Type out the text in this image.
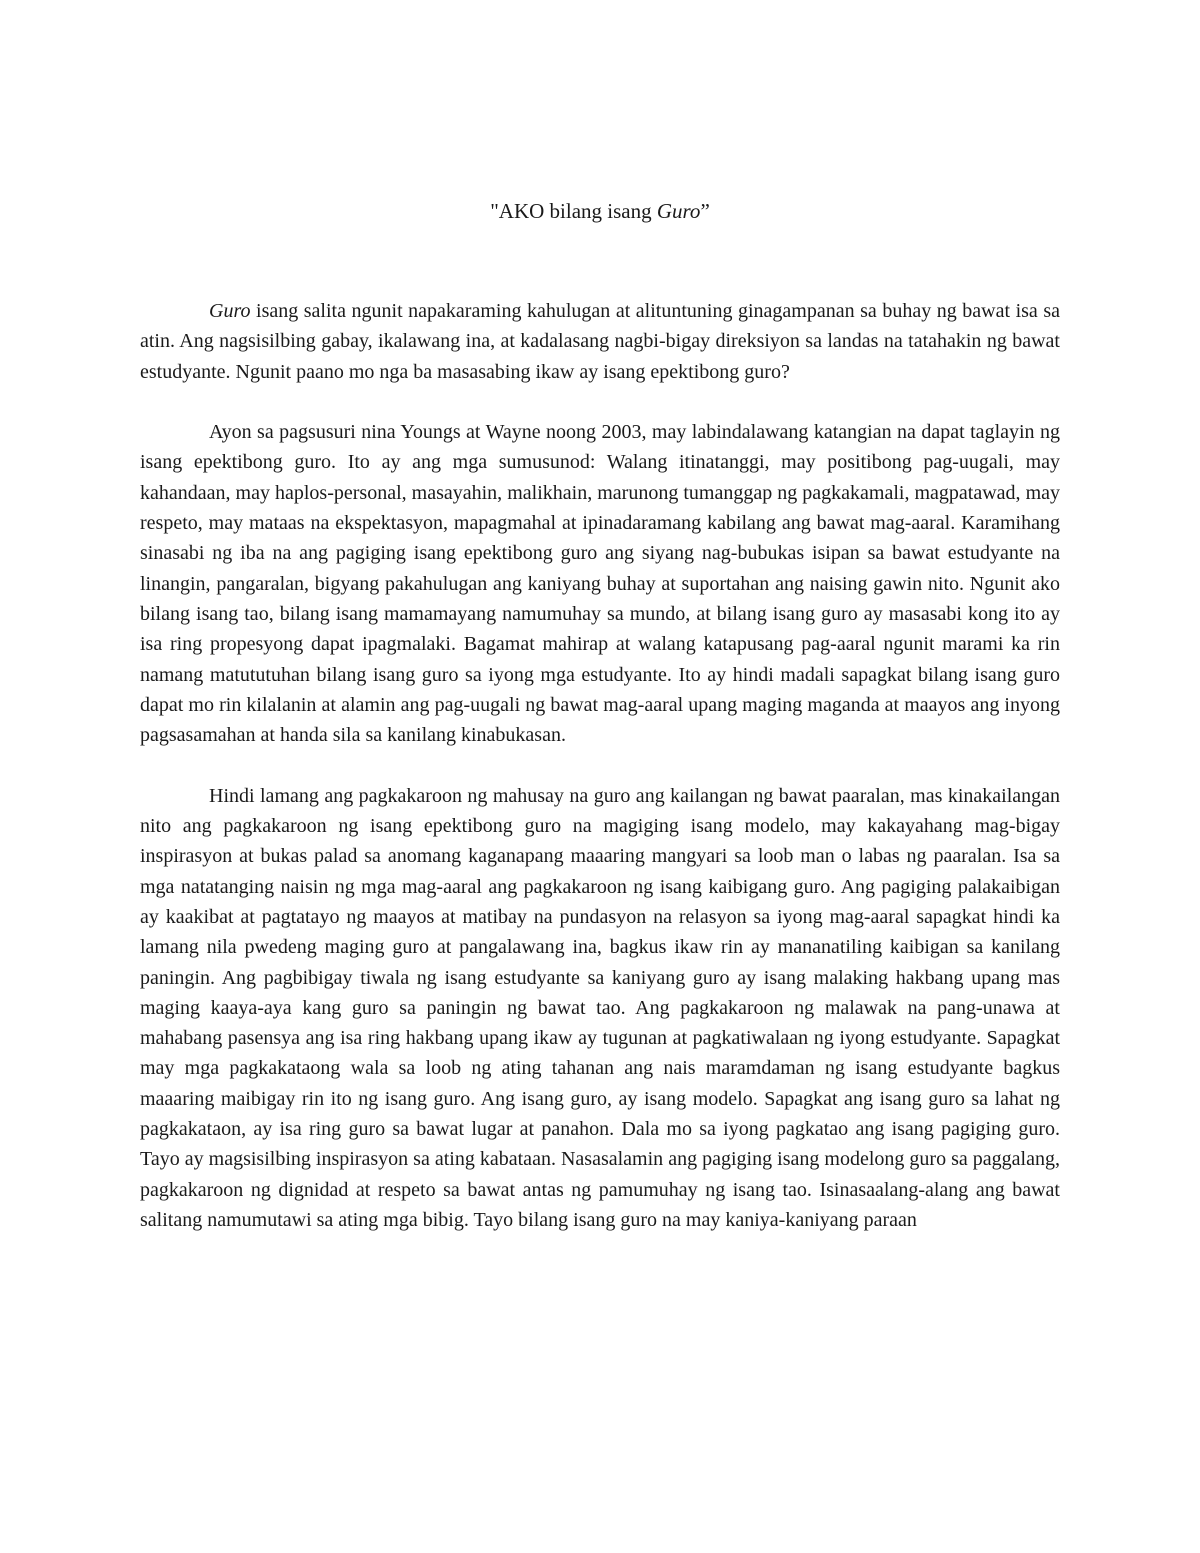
"AKO bilang isang Guro”

Guro isang salita ngunit napakaraming kahulugan at alituntuning ginagampanan sa buhay ng bawat isa sa atin. Ang nagsisilbing gabay, ikalawang ina, at kadalasang nagbi-bigay direksiyon sa landas na tatahakin ng bawat estudyante. Ngunit paano mo nga ba masasabing ikaw ay isang epektibong guro?

Ayon sa pagsusuri nina Youngs at Wayne noong 2003, may labindalawang katangian na dapat taglayin ng isang epektibong guro. Ito ay ang mga sumusunod: Walang itinatanggi, may positibong pag-uugali, may kahandaan, may haplos-personal, masayahin, malikhain, marunong tumanggap ng pagkakamali, magpatawad, may respeto, may mataas na ekspektasyon, mapagmahal at ipinadaramang kabilang ang bawat mag-aaral. Karamihang sinasabi ng iba na ang pagiging isang epektibong guro ang siyang nag-bubukas isipan sa bawat estudyante na linangin, pangaralan, bigyang pakahulugan ang kaniyang buhay at suportahan ang naising gawin nito. Ngunit ako bilang isang tao, bilang isang mamamayang namumuhay sa mundo, at bilang isang guro ay masasabi kong ito ay isa ring propesyong dapat ipagmalaki. Bagamat mahirap at walang katapusang pag-aaral ngunit marami ka rin namang matututuhan bilang isang guro sa iyong mga estudyante. Ito ay hindi madali sapagkat bilang isang guro dapat mo rin kilalanin at alamin ang pag-uugali ng bawat mag-aaral upang maging maganda at maayos ang inyong pagsasamahan at handa sila sa kanilang kinabukasan.

Hindi lamang ang pagkakaroon ng mahusay na guro ang kailangan ng bawat paaralan, mas kinakailangan nito ang pagkakaroon ng isang epektibong guro na magiging isang modelo, may kakayahang mag-bigay inspirasyon at bukas palad sa anomang kaganapang maaaring mangyari sa loob man o labas ng paaralan. Isa sa mga natatanging naisin ng mga mag-aaral ang pagkakaroon ng isang kaibigang guro. Ang pagiging palakaibigan ay kaakibat at pagtatayo ng maayos at matibay na pundasyon na relasyon sa iyong mag-aaral sapagkat hindi ka lamang nila pwedeng maging guro at pangalawang ina, bagkus ikaw rin ay mananatiling kaibigan sa kanilang paningin. Ang pagbibigay tiwala ng isang estudyante sa kaniyang guro ay isang malaking hakbang upang mas maging kaaya-aya kang guro sa paningin ng bawat tao. Ang pagkakaroon ng malawak na pang-unawa at mahabang pasensya ang isa ring hakbang upang ikaw ay tugunan at pagkatiwalaan ng iyong estudyante. Sapagkat may mga pagkakataong wala sa loob ng ating tahanan ang nais maramdaman ng isang estudyante bagkus maaaring maibigay rin ito ng isang guro. Ang isang guro, ay isang modelo. Sapagkat ang isang guro sa lahat ng pagkakataon, ay isa ring guro sa bawat lugar at panahon. Dala mo sa iyong pagkatao ang isang pagiging guro. Tayo ay magsisilbing inspirasyon sa ating kabataan. Nasasalamin ang pagiging isang modelong guro sa paggalang, pagkakaroon ng dignidad at respeto sa bawat antas ng pamumuhay ng isang tao. Isinasaalang-alang ang bawat salitang namumutawi sa ating mga bibig. Tayo bilang isang guro na may kaniya-kaniyang paraan
